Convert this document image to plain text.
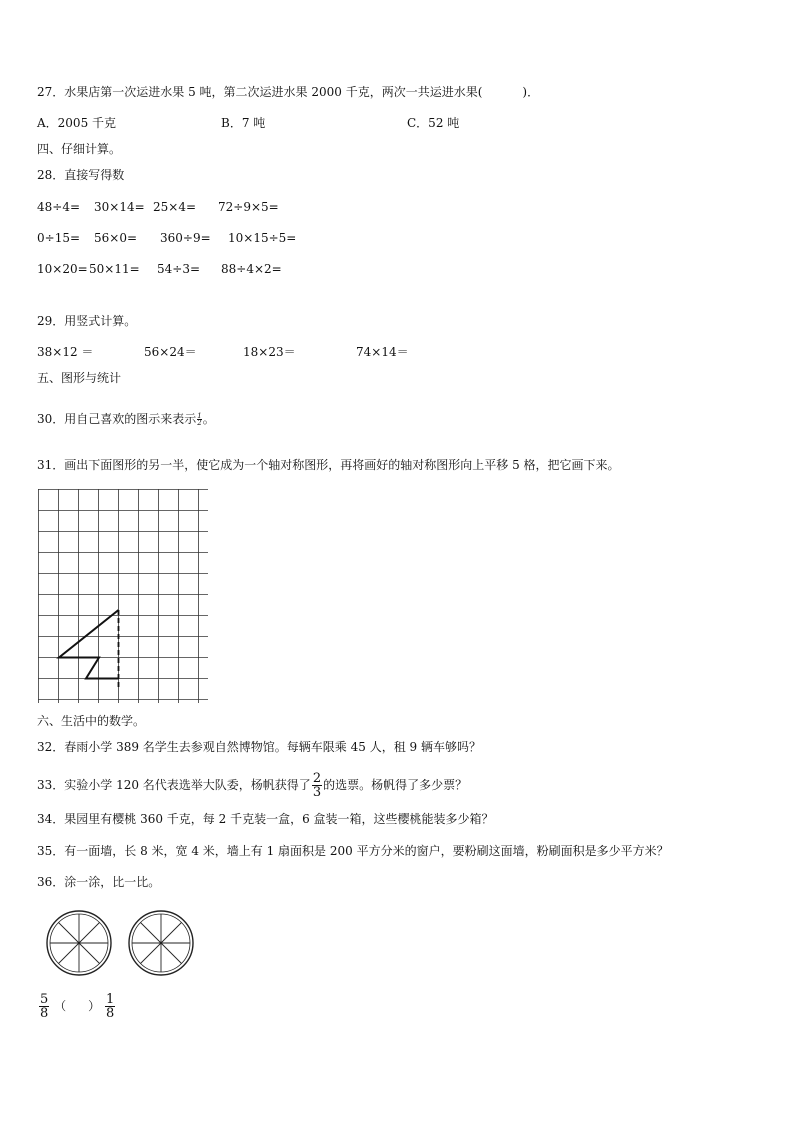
27．水果店第一次运进水果 5 吨，第二次运进水果 2000 千克，两次一共运进水果(	)．
A．2005 千克	B．7 吨	C．52 吨
四、仔细计算。
28．直接写得数
48÷4= 30×14= 25×4= 72÷9×5=
0÷15= 56×0= 360÷9= 10×15÷5=
10×20= 50×11= 54÷3= 88÷4×2=
29．用竖式计算。
38×12 ＝	56×24＝	18×23＝	74×14＝
五、图形与统计
30．用自己喜欢的图示来表示 $\frac{1}{2}$ 。
31．画出下面图形的另一半，使它成为一个轴对称图形，再将画好的轴对称图形向上平移 5 格，把它画下来。
六、生活中的数学。
32．春雨小学 389 名学生去参观自然博物馆。每辆车限乘 45 人，租 9 辆车够吗？
33．实验小学 120 名代表选举大队委，杨帆获得了 $\frac{2}{3}$ 的选票。杨帆得了多少票？
34．果园里有樱桃 360 千克，每 2 千克装一盒，6 盒装一箱，这些樱桃能装多少箱？
35．有一面墙，长 8 米，宽 4 米，墙上有 1 扇面积是 200 平方分米的窗户，要粉刷这面墙，粉刷面积是多少平方米？
36．涂一涂，比一比。
$\frac{5}{8}$ （ ） $\frac{1}{8}$
